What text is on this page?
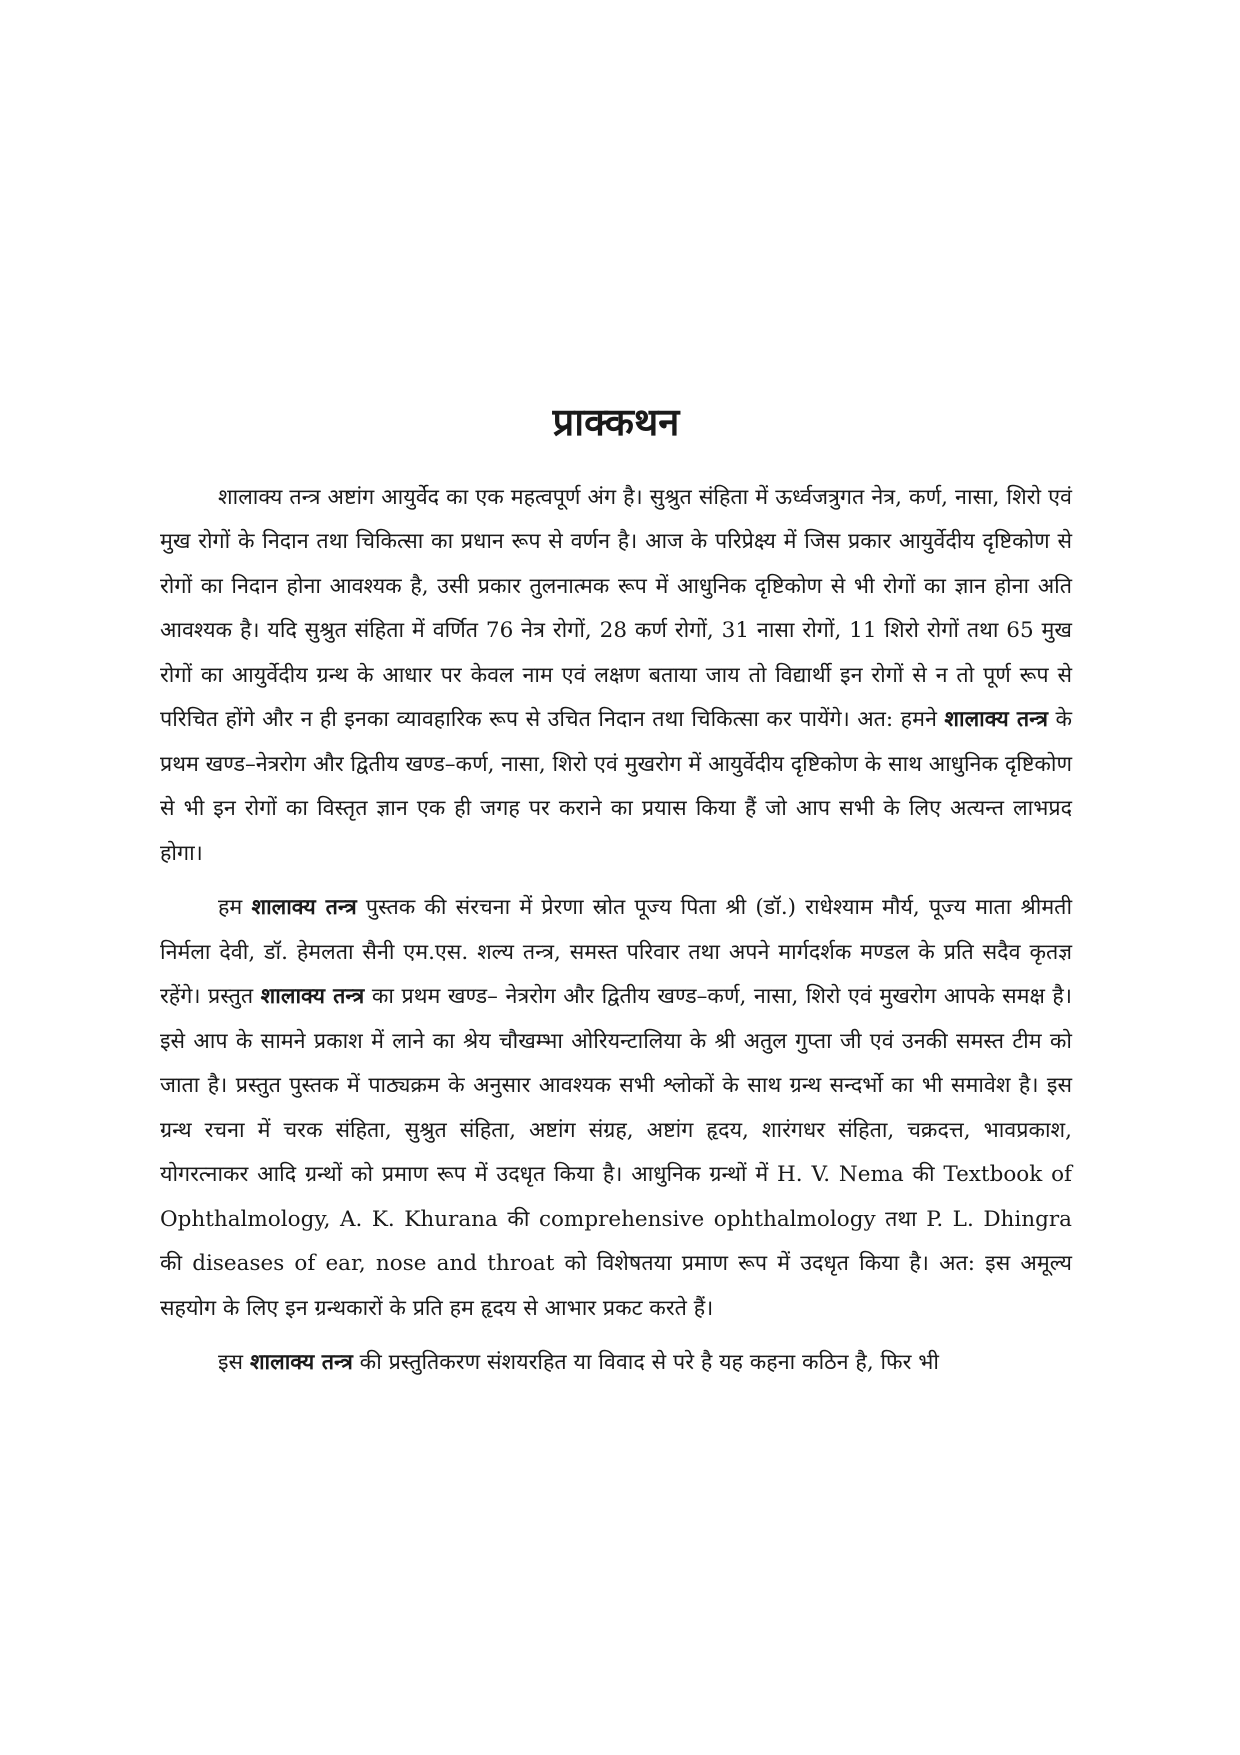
प्राक्कथन

शालाक्य तन्त्र अष्टांग आयुर्वेद का एक महत्वपूर्ण अंग है। सुश्रुत संहिता में ऊर्ध्वजत्रुगत नेत्र, कर्ण, नासा, शिरो एवं मुख रोगों के निदान तथा चिकित्सा का प्रधान रूप से वर्णन है। आज के परिप्रेक्ष्य में जिस प्रकार आयुर्वेदीय दृष्टिकोण से रोगों का निदान होना आवश्यक है, उसी प्रकार तुलनात्मक रूप में आधुनिक दृष्टिकोण से भी रोगों का ज्ञान होना अति आवश्यक है। यदि सुश्रुत संहिता में वर्णित 76 नेत्र रोगों, 28 कर्ण रोगों, 31 नासा रोगों, 11 शिरो रोगों तथा 65 मुख रोगों का आयुर्वेदीय ग्रन्थ के आधार पर केवल नाम एवं लक्षण बताया जाय तो विद्यार्थी इन रोगों से न तो पूर्ण रूप से परिचित होंगे और न ही इनका व्यावहारिक रूप से उचित निदान तथा चिकित्सा कर पायेंगे। अत: हमने शालाक्य तन्त्र के प्रथम खण्ड–नेत्ररोग और द्वितीय खण्ड–कर्ण, नासा, शिरो एवं मुखरोग में आयुर्वेदीय दृष्टिकोण के साथ आधुनिक दृष्टिकोण से भी इन रोगों का विस्तृत ज्ञान एक ही जगह पर कराने का प्रयास किया हैं जो आप सभी के लिए अत्यन्त लाभप्रद होगा।

हम शालाक्य तन्त्र पुस्तक की संरचना में प्रेरणा स्रोत पूज्य पिता श्री (डॉ.) राधेश्याम मौर्य, पूज्य माता श्रीमती निर्मला देवी, डॉ. हेमलता सैनी एम.एस. शल्य तन्त्र, समस्त परिवार तथा अपने मार्गदर्शक मण्डल के प्रति सदैव कृतज्ञ रहेंगे। प्रस्तुत शालाक्य तन्त्र का प्रथम खण्ड– नेत्ररोग और द्वितीय खण्ड–कर्ण, नासा, शिरो एवं मुखरोग आपके समक्ष है। इसे आप के सामने प्रकाश में लाने का श्रेय चौखम्भा ओरियन्टालिया के श्री अतुल गुप्ता जी एवं उनकी समस्त टीम को जाता है। प्रस्तुत पुस्तक में पाठ्यक्रम के अनुसार आवश्यक सभी श्लोकों के साथ ग्रन्थ सन्दर्भो का भी समावेश है। इस ग्रन्थ रचना में चरक संहिता, सुश्रुत संहिता, अष्टांग संग्रह, अष्टांग हृदय, शारंगधर संहिता, चक्रदत्त, भावप्रकाश, योगरत्नाकर आदि ग्रन्थों को प्रमाण रूप में उदधृत किया है। आधुनिक ग्रन्थों में H. V. Nema की Textbook of Ophthalmology, A. K. Khurana की comprehensive ophthalmology तथा P. L. Dhingra की diseases of ear, nose and throat को विशेषतया प्रमाण रूप में उदधृत किया है। अत: इस अमूल्य सहयोग के लिए इन ग्रन्थकारों के प्रति हम हृदय से आभार प्रकट करते हैं।

इस शालाक्य तन्त्र की प्रस्तुतिकरण संशयरहित या विवाद से परे है यह कहना कठिन है, फिर भी
